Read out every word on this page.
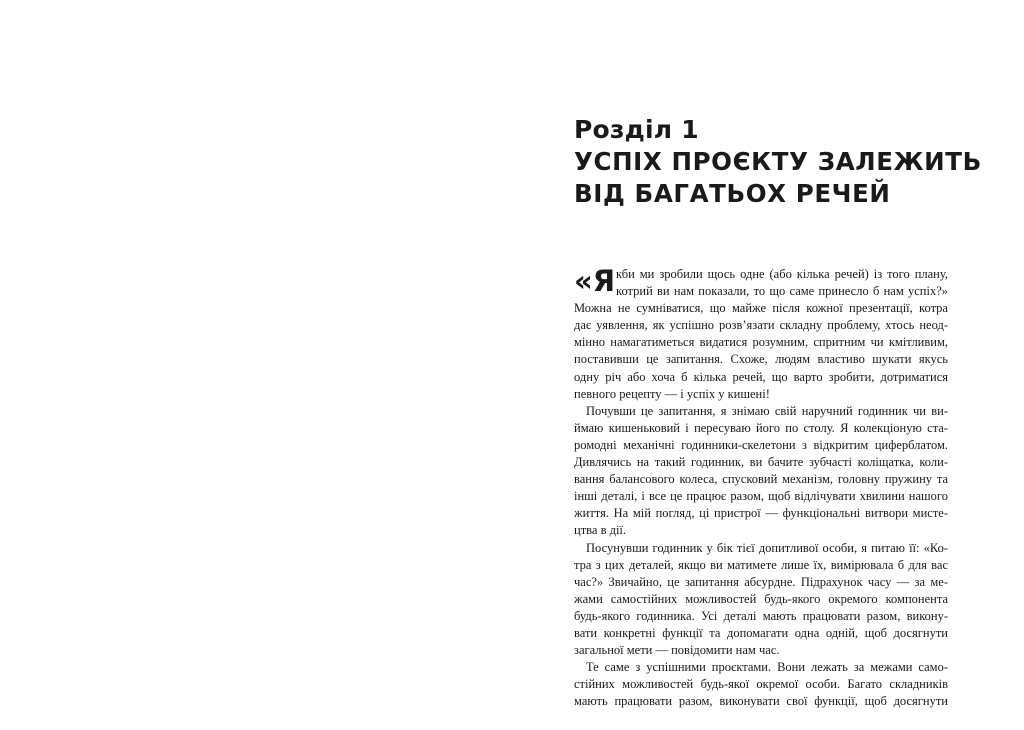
Розділ 1
УСПІХ ПРОЄКТУ ЗАЛЕЖИТЬ
ВІД БАГАТЬОХ РЕЧЕЙ
«Я кби ми зробили щось одне (або кілька речей) із того плану,
котрий ви нам показали, то що саме принесло б нам успіх?»
Можна не сумніватися, що майже після кожної презентації, котра
дає уявлення, як успішно розв’язати складну проблему, хтось неод-
мінно намагатиметься видатися розумним, спритним чи кмітливим,
поставивши це запитання. Схоже, людям властиво шукати якусь
одну річ або хоча б кілька речей, що варто зробити, дотриматися
певного рецепту — і успіх у кишені!
Почувши це запитання, я знімаю свій наручний годинник чи ви-
ймаю кишеньковий і пересуваю його по столу. Я колекціоную ста-
ромодні механічні годинники-скелетони з відкритим циферблатом.
Дивлячись на такий годинник, ви бачите зубчасті коліщатка, коли-
вання балансового колеса, спусковий механізм, головну пружину та
інші деталі, і все це працює разом, щоб відлічувати хвилини нашого
життя. На мій погляд, ці пристрої — функціональні витвори мисте-
цтва в дії.
Посунувши годинник у бік тієї допитливої особи, я питаю її: «Ко-
тра з цих деталей, якщо ви матимете лише їх, вимірювала б для вас
час?» Звичайно, це запитання абсурдне. Підрахунок часу — за ме-
жами самостійних можливостей будь-якого окремого компонента
будь-якого годинника. Усі деталі мають працювати разом, викону-
вати конкретні функції та допомагати одна одній, щоб досягнути
загальної мети — повідомити нам час.
Те саме з успішними проєктами. Вони лежать за межами само-
стійних можливостей будь-якої окремої особи. Багато складників
мають працювати разом, виконувати свої функції, щоб досягнути
